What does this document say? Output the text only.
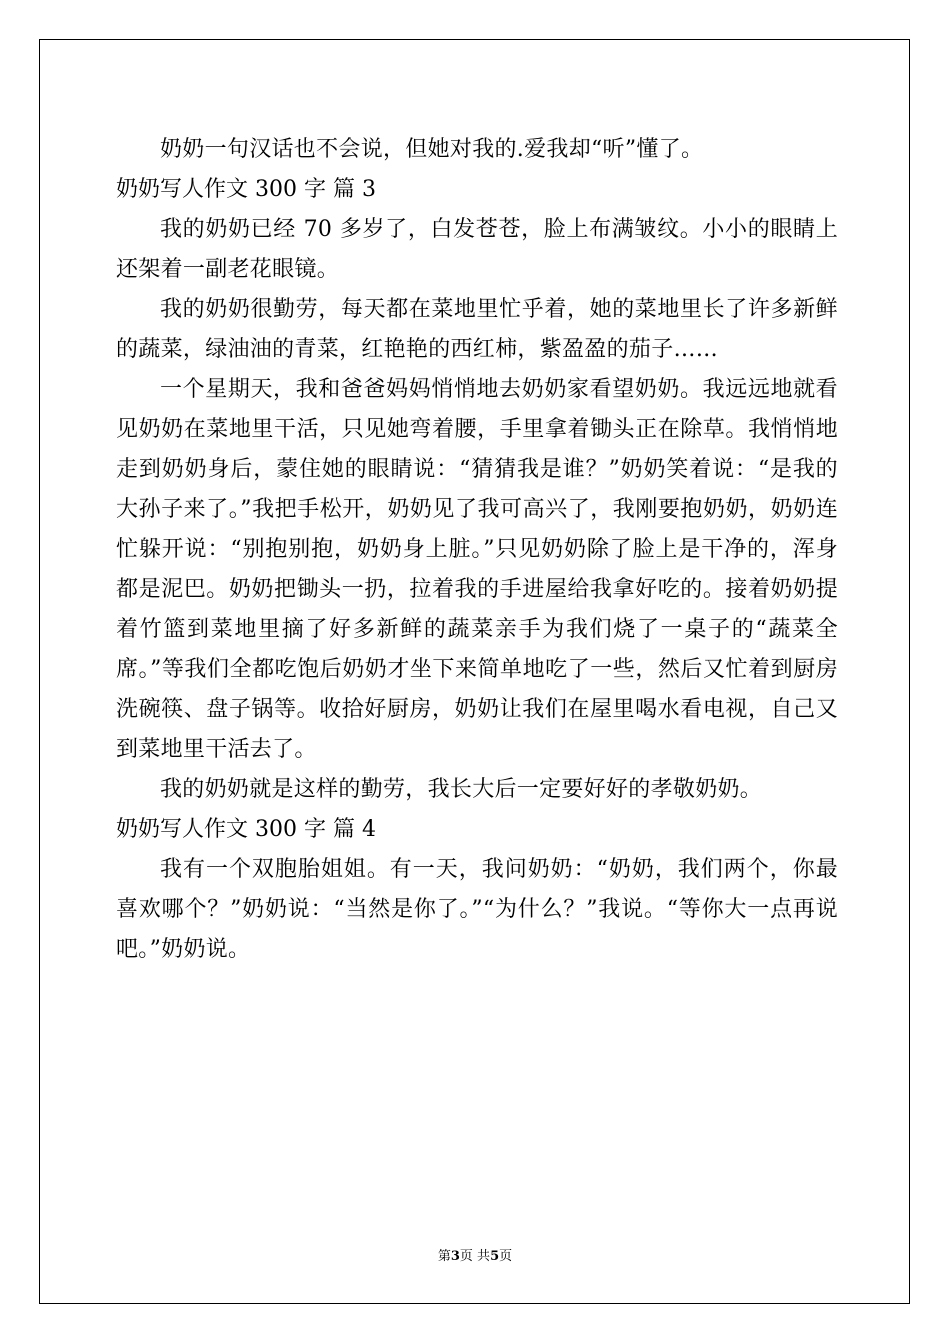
奶奶一句汉话也不会说，但她对我的.爱我却“听”懂了。

奶奶写人作文 300 字 篇 3

我的奶奶已经 70 多岁了，白发苍苍，脸上布满皱纹。小小的眼睛上还架着一副老花眼镜。

我的奶奶很勤劳，每天都在菜地里忙乎着，她的菜地里长了许多新鲜的蔬菜，绿油油的青菜，红艳艳的西红柿，紫盈盈的茄子……

一个星期天，我和爸爸妈妈悄悄地去奶奶家看望奶奶。我远远地就看见奶奶在菜地里干活，只见她弯着腰，手里拿着锄头正在除草。我悄悄地走到奶奶身后，蒙住她的眼睛说：“猜猜我是谁？”奶奶笑着说：“是我的大孙子来了。”我把手松开，奶奶见了我可高兴了，我刚要抱奶奶，奶奶连忙躲开说：“别抱别抱，奶奶身上脏。”只见奶奶除了脸上是干净的，浑身都是泥巴。奶奶把锄头一扔，拉着我的手进屋给我拿好吃的。接着奶奶提着竹篮到菜地里摘了好多新鲜的蔬菜亲手为我们烧了一桌子的“蔬菜全席。”等我们全都吃饱后奶奶才坐下来简单地吃了一些，然后又忙着到厨房洗碗筷、盘子锅等。收拾好厨房，奶奶让我们在屋里喝水看电视，自己又到菜地里干活去了。

我的奶奶就是这样的勤劳，我长大后一定要好好的孝敬奶奶。

奶奶写人作文 300 字 篇 4

我有一个双胞胎姐姐。有一天，我问奶奶：“奶奶，我们两个，你最喜欢哪个？”奶奶说：“当然是你了。”“为什么？”我说。“等你大一点再说吧。”奶奶说。

第3页 共5页
